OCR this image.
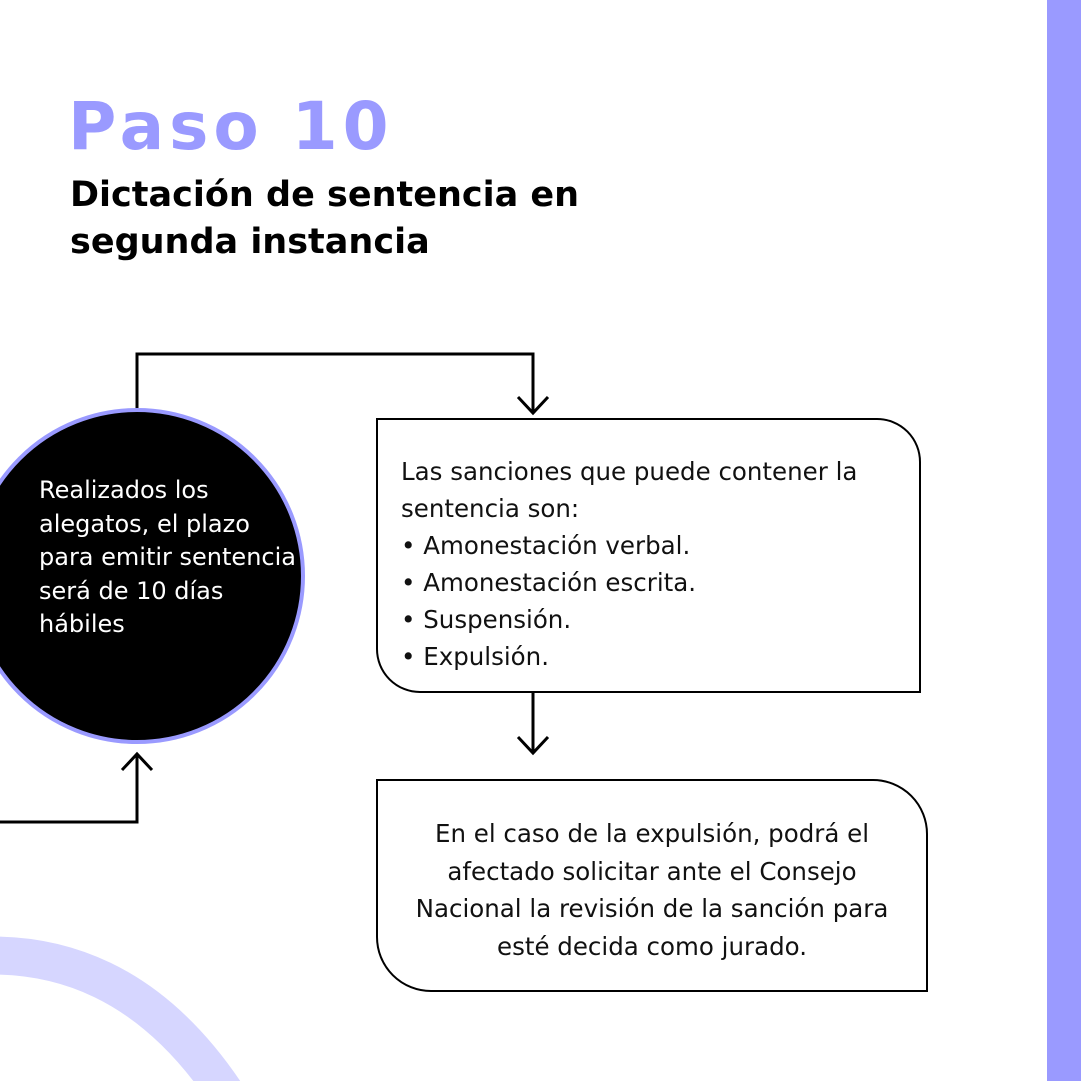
Paso 10
Dictación de sentencia en segunda instancia

Realizados los alegatos, el plazo para emitir sentencia será de 10 días hábiles

Las sanciones que puede contener la sentencia son:

• Amonestación verbal.
• Amonestación escrita.
• Suspensión.
• Expulsión.

En el caso de la expulsión, podrá el afectado solicitar ante el Consejo Nacional la revisión de la sanción para esté decida como jurado.
